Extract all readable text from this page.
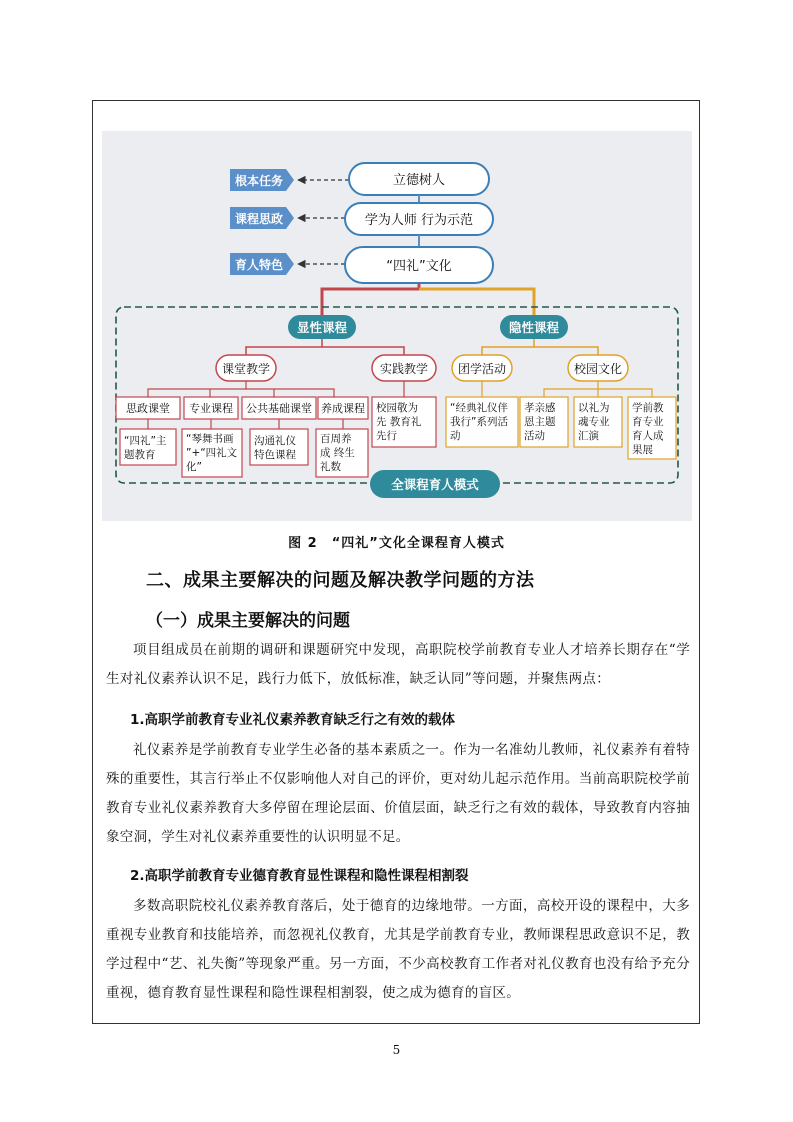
根本任务
课程思政
育人特色
立德树人
学为人师 行为示范
“四礼”文化
显性课程	隐性课程
课堂教学	实践教学 团学活动	校园文化
思政课堂 专业课程 公共基础课堂 养成课程
“四礼”主
题教育
“琴舞书画
”+“四礼文
化”
沟通礼仪
特色课程
百周养
成 终生
礼数
校园敬为
先 教育礼
先行
“经典礼仪伴
我行”系列活
动
孝亲感
恩主题
活动
以礼为
魂专业
汇演
学前教
育专业
育人成
果展
全课程育人模式
图 2　“四礼”文化全课程育人模式
二、成果主要解决的问题及解决教学问题的方法
（一）成果主要解决的问题

项目组成员在前期的调研和课题研究中发现，高职院校学前教育专业人才培养长期存在“学生对礼仪素养认识不足，践行力低下，放低标准，缺乏认同”等问题，并聚焦两点：

1.高职学前教育专业礼仪素养教育缺乏行之有效的载体

礼仪素养是学前教育专业学生必备的基本素质之一。作为一名准幼儿教师，礼仪素养有着特殊的重要性，其言行举止不仅影响他人对自己的评价，更对幼儿起示范作用。当前高职院校学前教育专业礼仪素养教育大多停留在理论层面、价值层面，缺乏行之有效的载体，导致教育内容抽象空洞，学生对礼仪素养重要性的认识明显不足。

2.高职学前教育专业德育教育显性课程和隐性课程相割裂

多数高职院校礼仪素养教育落后，处于德育的边缘地带。一方面，高校开设的课程中，大多重视专业教育和技能培养，而忽视礼仪教育，尤其是学前教育专业，教师课程思政意识不足，教学过程中“艺、礼失衡”等现象严重。另一方面，不少高校教育工作者对礼仪教育也没有给予充分重视，德育教育显性课程和隐性课程相割裂，使之成为德育的盲区。

5
